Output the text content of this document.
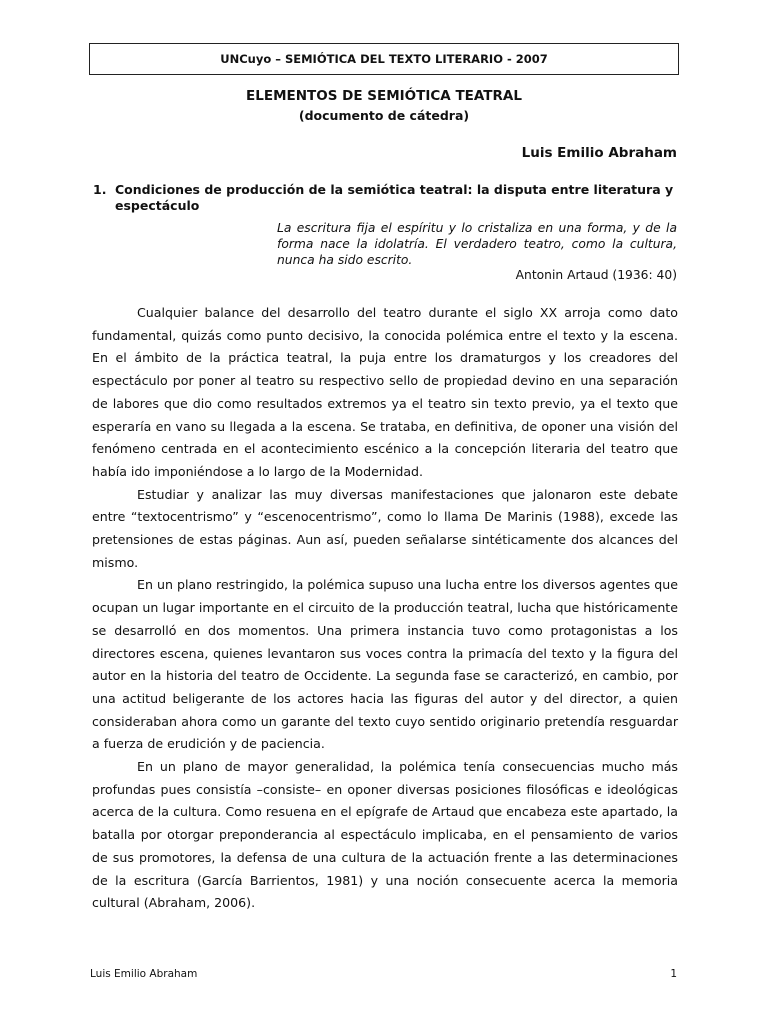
UNCuyo – SEMIÓTICA DEL TEXTO LITERARIO - 2007
ELEMENTOS DE SEMIÓTICA TEATRAL
(documento de cátedra)
Luis Emilio Abraham
1. Condiciones de producción de la semiótica teatral: la disputa entre literatura y espectáculo
La escritura fija el espíritu y lo cristaliza en una forma, y de la forma nace la idolatría. El verdadero teatro, como la cultura, nunca ha sido escrito.
Antonin Artaud (1936: 40)

Cualquier balance del desarrollo del teatro durante el siglo XX arroja como dato fundamental, quizás como punto decisivo, la conocida polémica entre el texto y la escena. En el ámbito de la práctica teatral, la puja entre los dramaturgos y los creadores del espectáculo por poner al teatro su respectivo sello de propiedad devino en una separación de labores que dio como resultados extremos ya el teatro sin texto previo, ya el texto que esperaría en vano su llegada a la escena. Se trataba, en definitiva, de oponer una visión del fenómeno centrada en el acontecimiento escénico a la concepción literaria del teatro que había ido imponiéndose a lo largo de la Modernidad.

Estudiar y analizar las muy diversas manifestaciones que jalonaron este debate entre “textocentrismo” y “escenocentrismo”, como lo llama De Marinis (1988), excede las pretensiones de estas páginas. Aun así, pueden señalarse sintéticamente dos alcances del mismo.

En un plano restringido, la polémica supuso una lucha entre los diversos agentes que ocupan un lugar importante en el circuito de la producción teatral, lucha que históricamente se desarrolló en dos momentos. Una primera instancia tuvo como protagonistas a los directores escena, quienes levantaron sus voces contra la primacía del texto y la figura del autor en la historia del teatro de Occidente. La segunda fase se caracterizó, en cambio, por una actitud beligerante de los actores hacia las figuras del autor y del director, a quien consideraban ahora como un garante del texto cuyo sentido originario pretendía resguardar a fuerza de erudición y de paciencia.

En un plano de mayor generalidad, la polémica tenía consecuencias mucho más profundas pues consistía –consiste– en oponer diversas posiciones filosóficas e ideológicas acerca de la cultura. Como resuena en el epígrafe de Artaud que encabeza este apartado, la batalla por otorgar preponderancia al espectáculo implicaba, en el pensamiento de varios de sus promotores, la defensa de una cultura de la actuación frente a las determinaciones de la escritura (García Barrientos, 1981) y una noción consecuente acerca la memoria cultural (Abraham, 2006).

Luis Emilio Abraham	1
